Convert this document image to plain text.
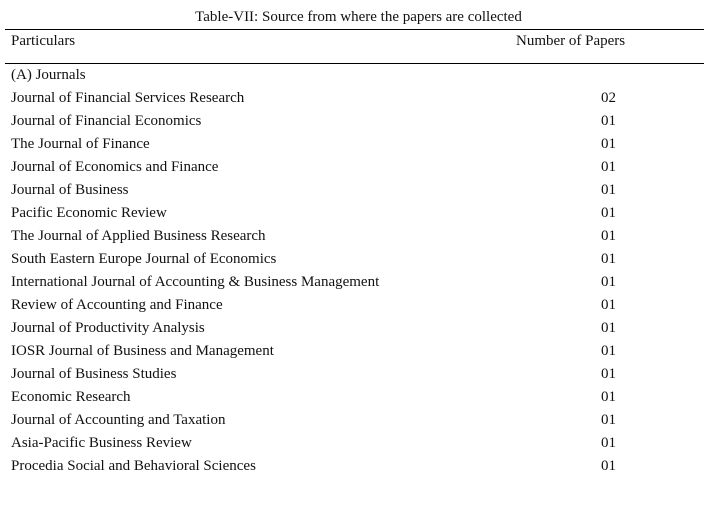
Table-VII: Source from where the papers are collected
Particulars	Number of Papers
(A) Journals
Journal of Financial Services Research	02
Journal of Financial Economics	01
The Journal of Finance	01
Journal of Economics and Finance	01
Journal of Business	01
Pacific Economic Review	01
The Journal of Applied Business Research	01
South Eastern Europe Journal of Economics	01
International Journal of Accounting & Business Management	01
Review of Accounting and Finance	01
Journal of Productivity Analysis	01
IOSR Journal of Business and Management	01
Journal of Business Studies	01
Economic Research	01
Journal of Accounting and Taxation	01
Asia-Pacific Business Review	01
Procedia Social and Behavioral Sciences	01
